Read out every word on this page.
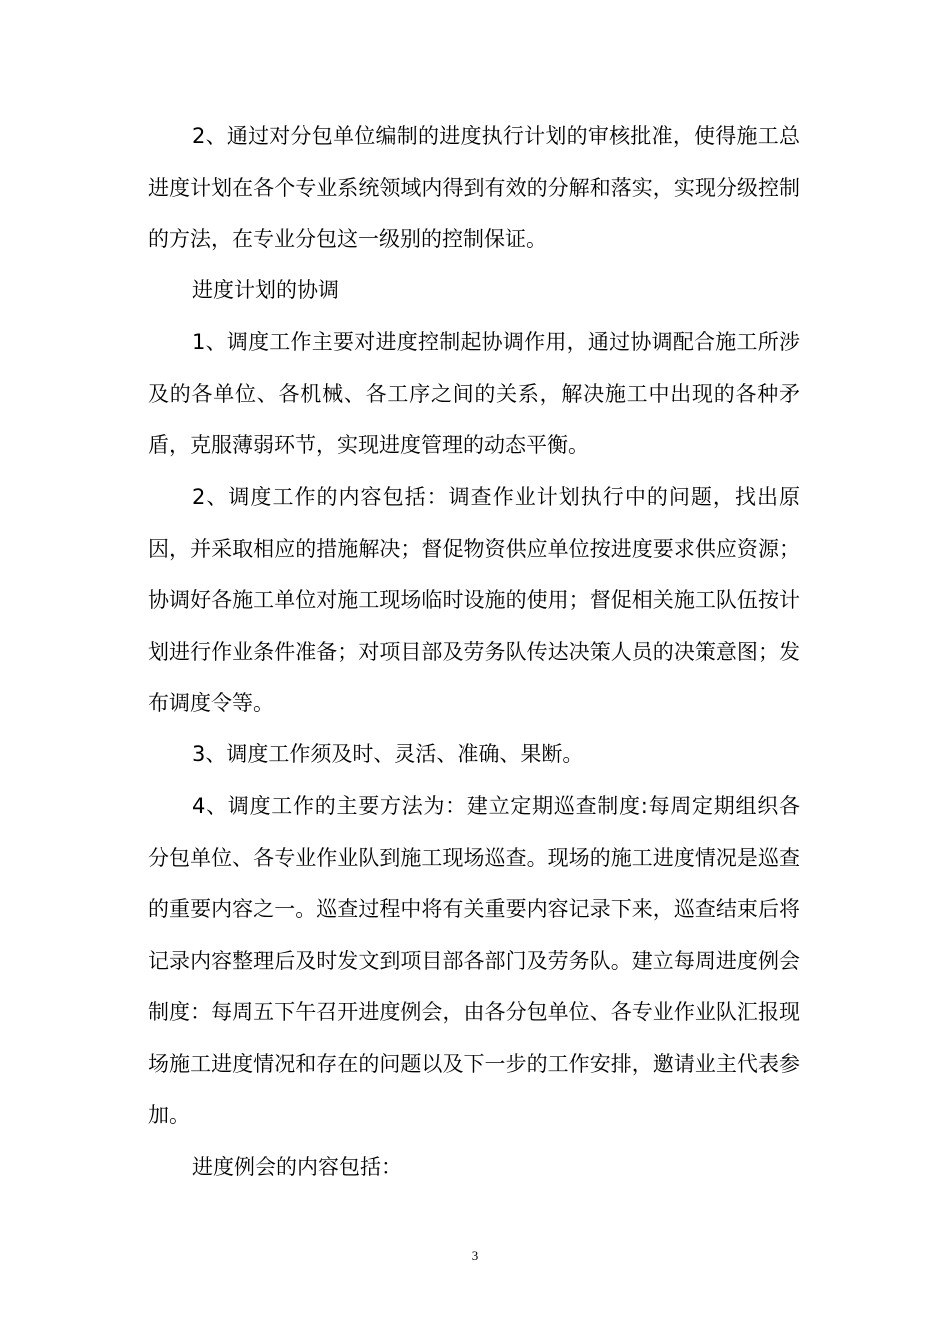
2、通过对分包单位编制的进度执行计划的审核批准，使得施工总进度计划在各个专业系统领域内得到有效的分解和落实，实现分级控制的方法，在专业分包这一级别的控制保证。

进度计划的协调

1、调度工作主要对进度控制起协调作用，通过协调配合施工所涉及的各单位、各机械、各工序之间的关系，解决施工中出现的各种矛盾，克服薄弱环节，实现进度管理的动态平衡。

2、调度工作的内容包括：调查作业计划执行中的问题，找出原因，并采取相应的措施解决；督促物资供应单位按进度要求供应资源；协调好各施工单位对施工现场临时设施的使用；督促相关施工队伍按计划进行作业条件准备；对项目部及劳务队传达决策人员的决策意图；发布调度令等。

3、调度工作须及时、灵活、准确、果断。

4、调度工作的主要方法为：建立定期巡查制度:每周定期组织各分包单位、各专业作业队到施工现场巡查。现场的施工进度情况是巡查的重要内容之一。巡查过程中将有关重要内容记录下来，巡查结束后将记录内容整理后及时发文到项目部各部门及劳务队。建立每周进度例会制度：每周五下午召开进度例会，由各分包单位、各专业作业队汇报现场施工进度情况和存在的问题以及下一步的工作安排，邀请业主代表参加。

进度例会的内容包括：

3
